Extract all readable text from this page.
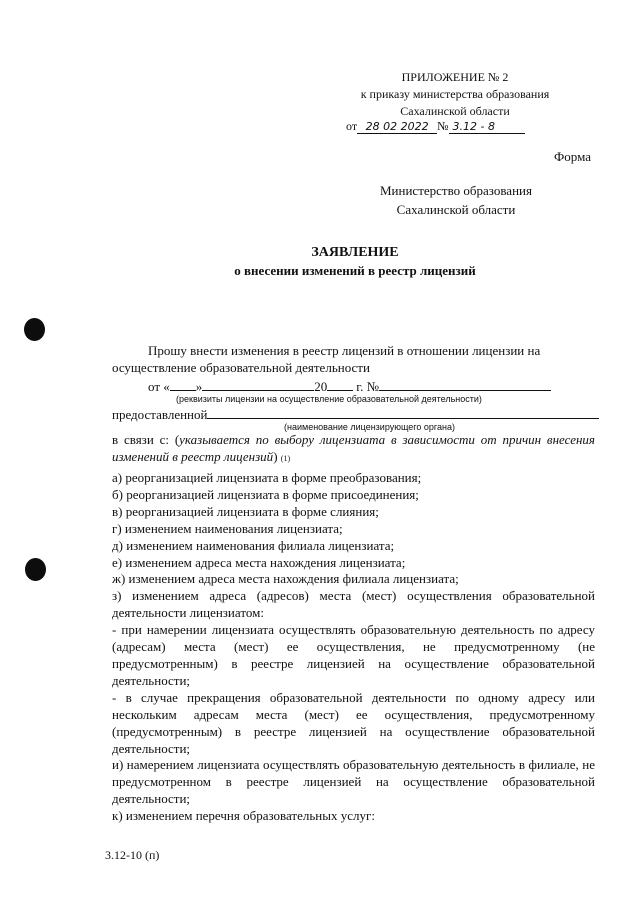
ПРИЛОЖЕНИЕ № 2
к приказу министерства образования
Сахалинской области
от 28 02 2022 № 3.12 - 8
Форма
Министерство образования
Сахалинской области
ЗАЯВЛЕНИЕ
о внесении изменений в реестр лицензий
Прошу внести изменения в реестр лицензий в отношении лицензии на
осуществление образовательной деятельности
от « »	20 г. №
(реквизиты лицензии на осуществление образовательной деятельности)
предоставленной
(наименование лицензирующего органа)
в связи с: (указывается по выбору лицензиата в зависимости от причин внесения изменений в реестр лицензий) (1)
а) реорганизацией лицензиата в форме преобразования;
б) реорганизацией лицензиата в форме присоединения;
в) реорганизацией лицензиата в форме слияния;
г) изменением наименования лицензиата;
д) изменением наименования филиала лицензиата;
е) изменением адреса места нахождения лицензиата;
ж) изменением адреса места нахождения филиала лицензиата;
з) изменением адреса (адресов) места (мест) осуществления образовательной деятельности лицензиатом:
- при намерении лицензиата осуществлять образовательную деятельность по адресу (адресам) места (мест) ее осуществления, не предусмотренному (не предусмотренным) в реестре лицензией на осуществление образовательной деятельности;
- в случае прекращения образовательной деятельности по одному адресу или нескольким адресам места (мест) ее осуществления, предусмотренному (предусмотренным) в реестре лицензией на осуществление образовательной деятельности;
и) намерением лицензиата осуществлять образовательную деятельность в филиале, не предусмотренном в реестре лицензией на осуществление образовательной деятельности;
к) изменением перечня образовательных услуг:
3.12-10 (п)
